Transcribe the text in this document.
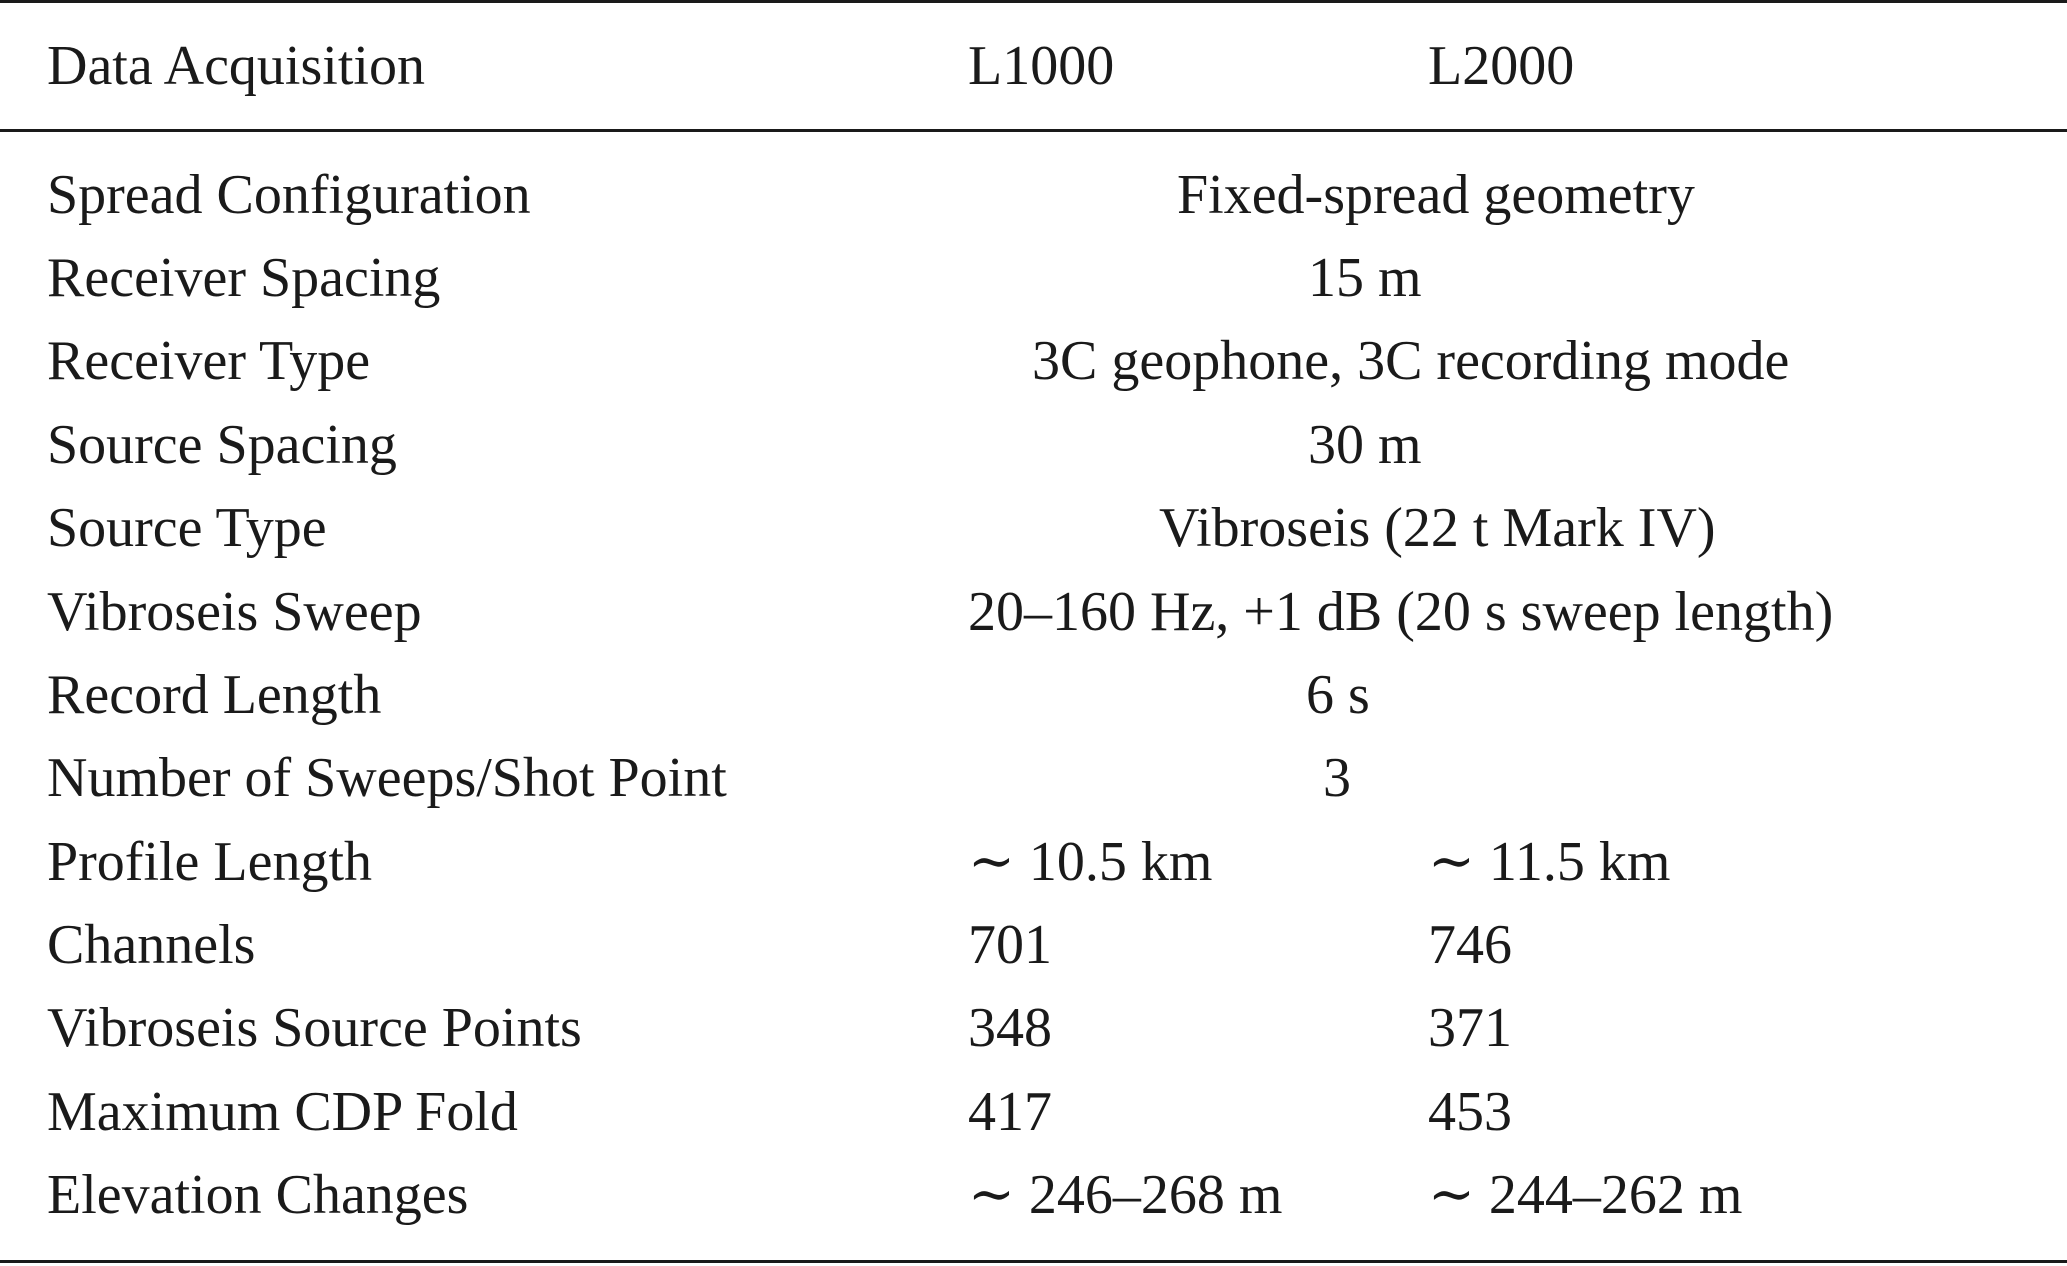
Data Acquisition	L1000	L2000
Spread Configuration	Fixed-spread geometry
Receiver Spacing	15 m
Receiver Type	3C geophone, 3C recording mode
Source Spacing	30 m
Source Type	Vibroseis (22 t Mark IV)
Vibroseis Sweep	20–160 Hz, +1 dB (20 s sweep length)
Record Length	6 s
Number of Sweeps/Shot Point	3
Profile Length	∼ 10.5 km	∼ 11.5 km
Channels	701	746
Vibroseis Source Points	348	371
Maximum CDP Fold	417	453
Elevation Changes	∼ 246–268 m	∼ 244–262 m
